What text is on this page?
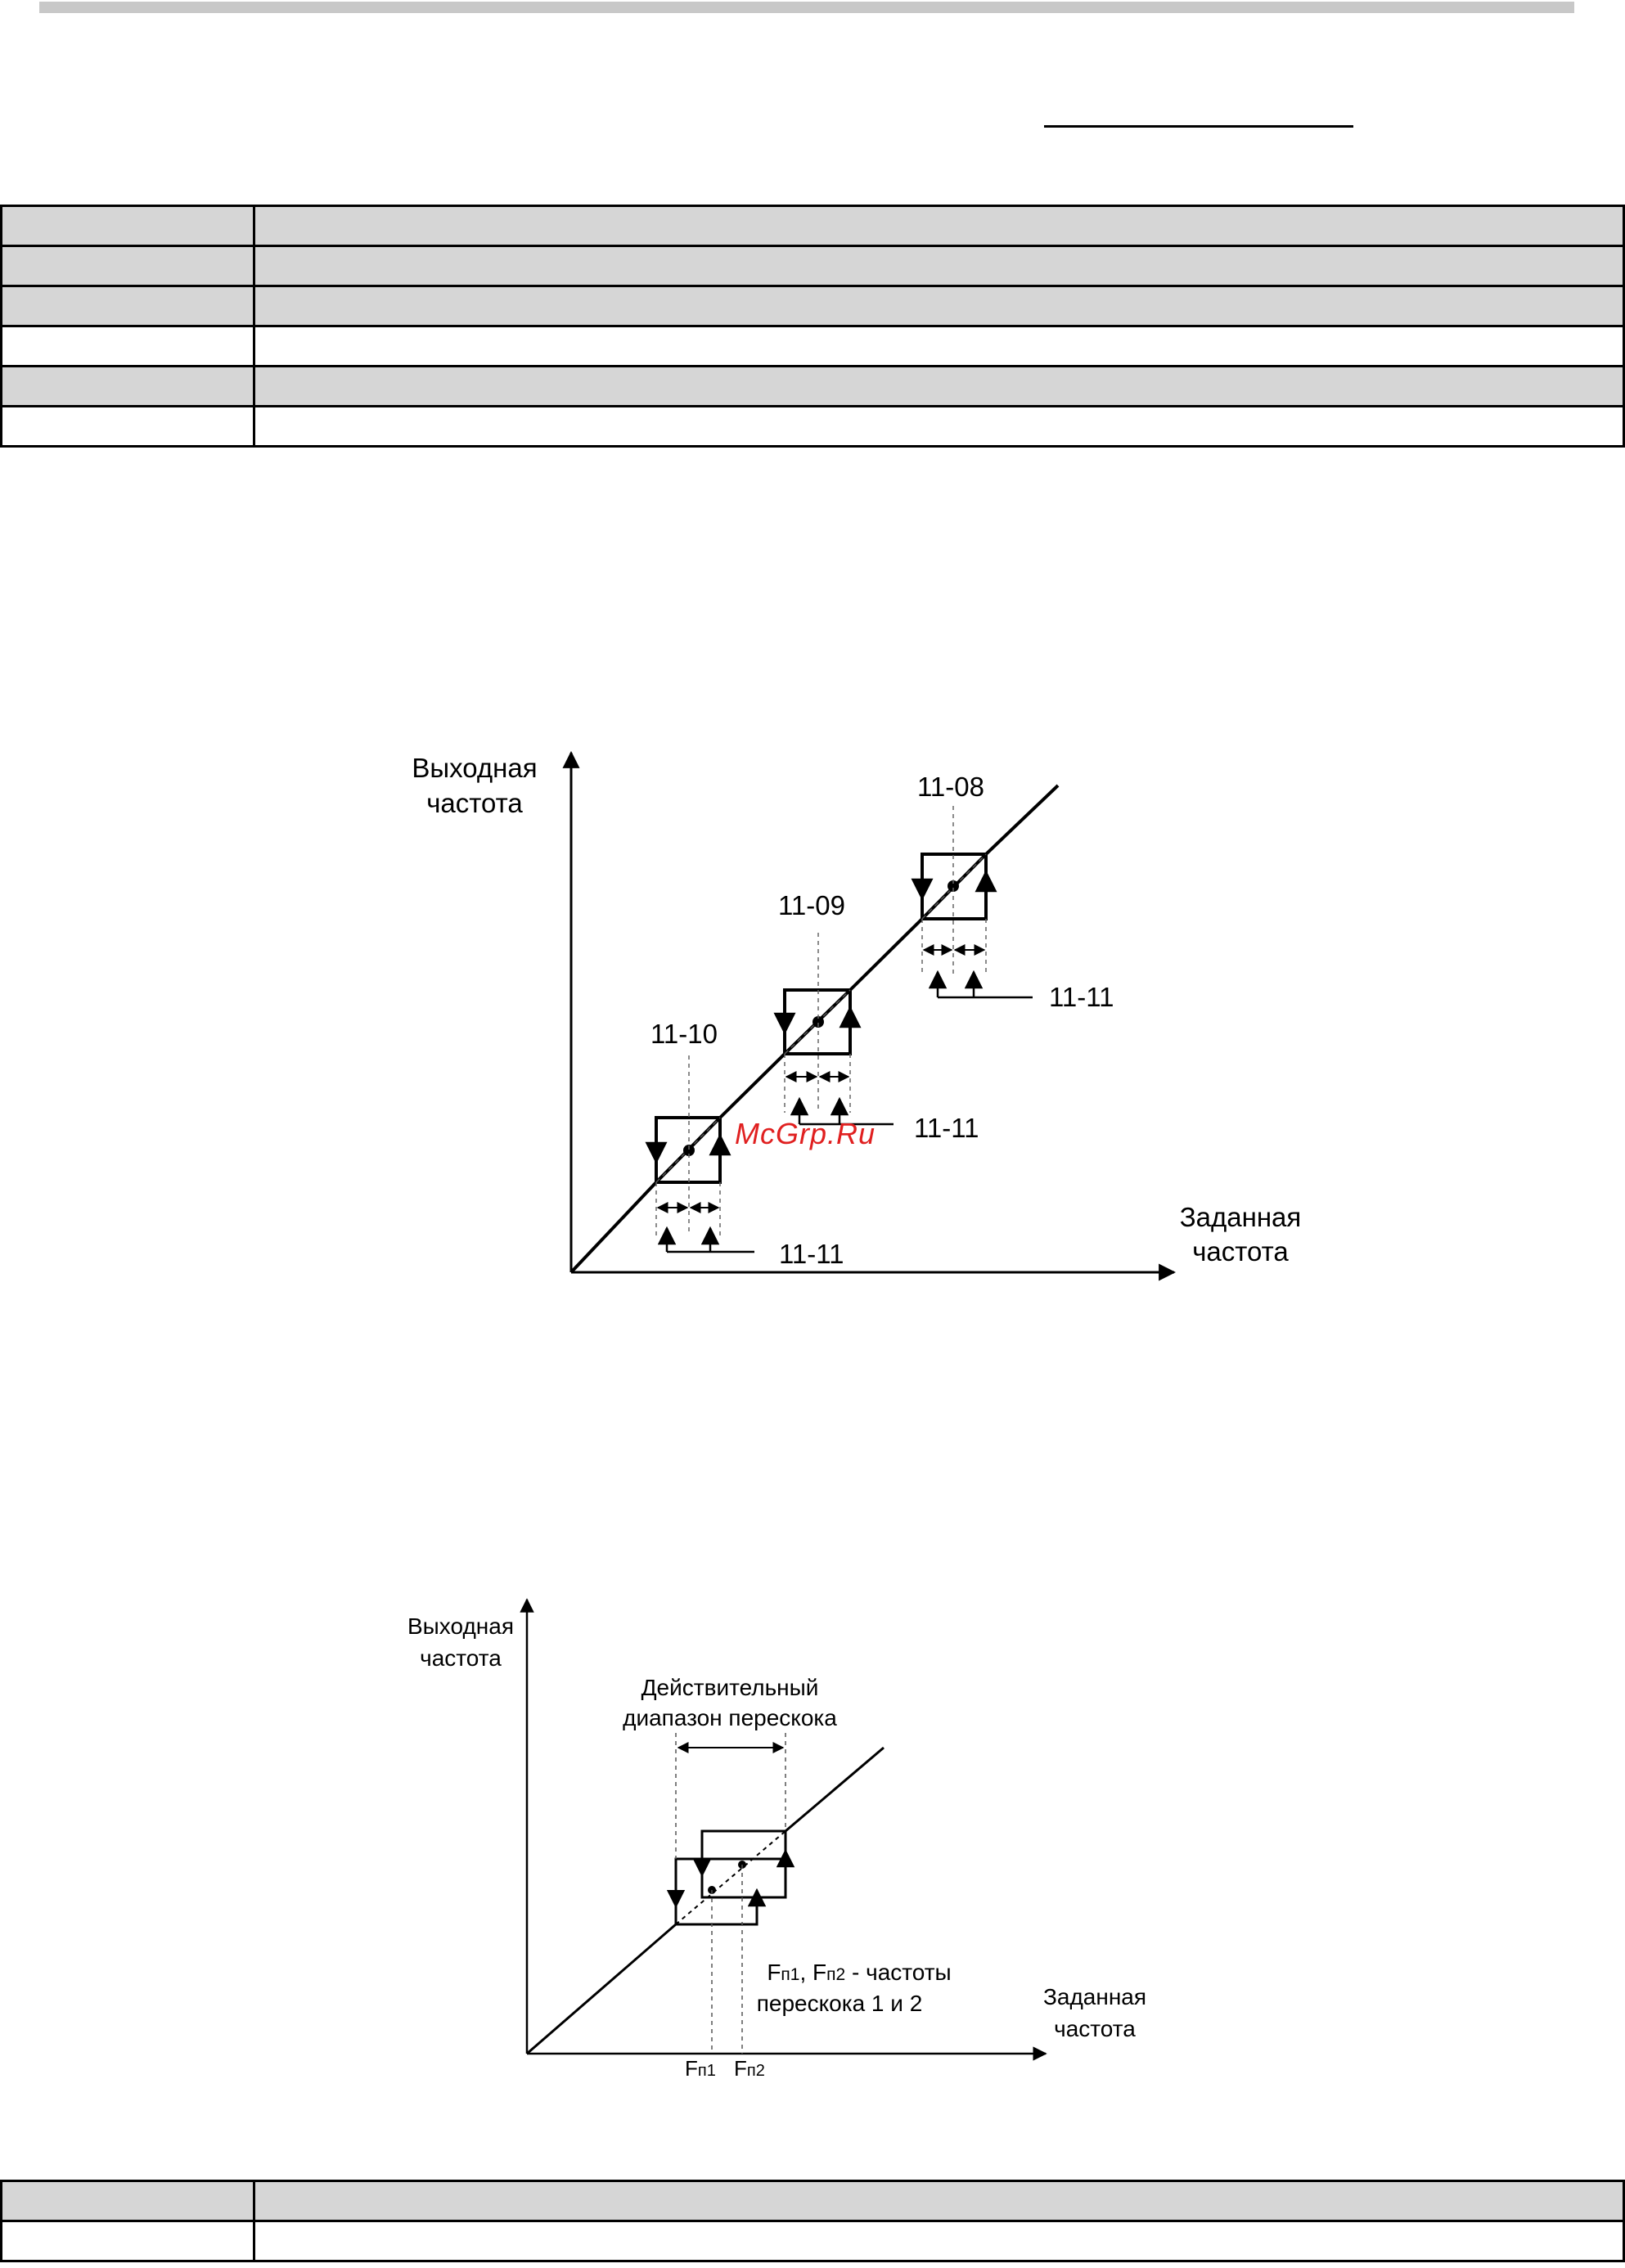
Выходная
частота
Заданная
частота
11-10
11-09
11-08
11-11
11-11
11-11
McGrp.Ru
Выходная
частота
Заданная
частота
Действительный
диапазон перескока
Fп1, Fп2 - частоты
перескока 1 и 2
Fп1 Fп2
